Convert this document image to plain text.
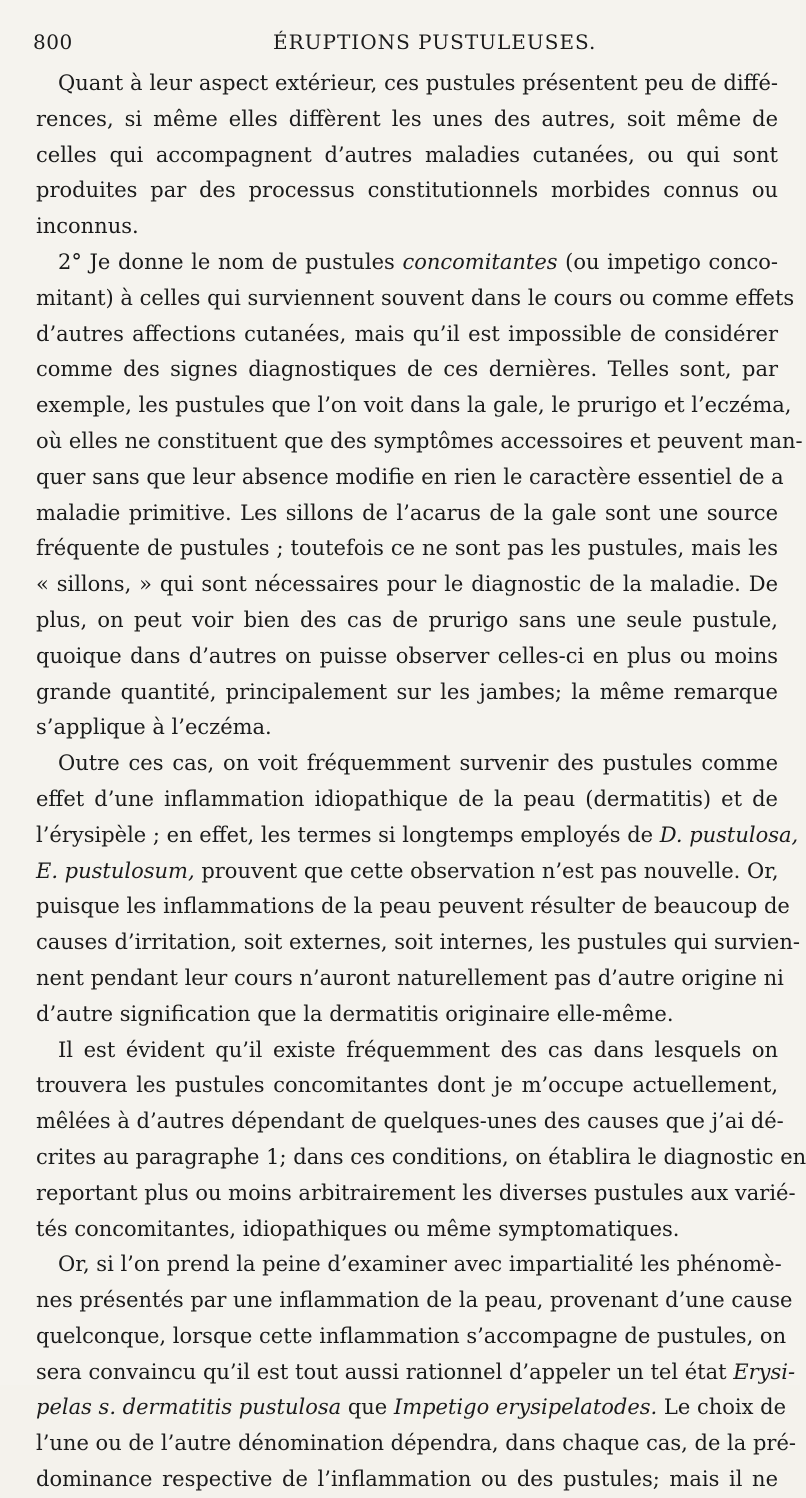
800	ÉRUPTIONS PUSTULEUSES.
Quant à leur aspect extérieur, ces pustules présentent peu de diffé-
rences, si même elles diffèrent les unes des autres, soit même de
celles qui accompagnent d’autres maladies cutanées, ou qui sont
produites par des processus constitutionnels morbides connus ou
inconnus.
2° Je donne le nom de pustules concomitantes (ou impetigo conco-
mitant) à celles qui surviennent souvent dans le cours ou comme effets
d’autres affections cutanées, mais qu’il est impossible de considérer
comme des signes diagnostiques de ces dernières. Telles sont, par
exemple, les pustules que l’on voit dans la gale, le prurigo et l’eczéma,
où elles ne constituent que des symptômes accessoires et peuvent man-
quer sans que leur absence modifie en rien le caractère essentiel de a
maladie primitive. Les sillons de l’acarus de la gale sont une source
fréquente de pustules ; toutefois ce ne sont pas les pustules, mais les
« sillons, » qui sont nécessaires pour le diagnostic de la maladie. De
plus, on peut voir bien des cas de prurigo sans une seule pustule,
quoique dans d’autres on puisse observer celles-ci en plus ou moins
grande quantité, principalement sur les jambes; la même remarque
s’applique à l’eczéma.
Outre ces cas, on voit fréquemment survenir des pustules comme
effet d’une inflammation idiopathique de la peau (dermatitis) et de
l’érysipèle ; en effet, les termes si longtemps employés de D. pustulosa,
E. pustulosum, prouvent que cette observation n’est pas nouvelle. Or,
puisque les inflammations de la peau peuvent résulter de beaucoup de
causes d’irritation, soit externes, soit internes, les pustules qui survien-
nent pendant leur cours n’auront naturellement pas d’autre origine ni
d’autre signification que la dermatitis originaire elle-même.
Il est évident qu’il existe fréquemment des cas dans lesquels on
trouvera les pustules concomitantes dont je m’occupe actuellement,
mêlées à d’autres dépendant de quelques-unes des causes que j’ai dé-
crites au paragraphe 1; dans ces conditions, on établira le diagnostic en
reportant plus ou moins arbitrairement les diverses pustules aux varié-
tés concomitantes, idiopathiques ou même symptomatiques.
Or, si l’on prend la peine d’examiner avec impartialité les phénomè-
nes présentés par une inflammation de la peau, provenant d’une cause
quelconque, lorsque cette inflammation s’accompagne de pustules, on
sera convaincu qu’il est tout aussi rationnel d’appeler un tel état Erysi-
pelas s. dermatitis pustulosa que Impetigo erysipelatodes. Le choix de
l’une ou de l’autre dénomination dépendra, dans chaque cas, de la pré-
dominance respective de l’inflammation ou des pustules; mais il ne
